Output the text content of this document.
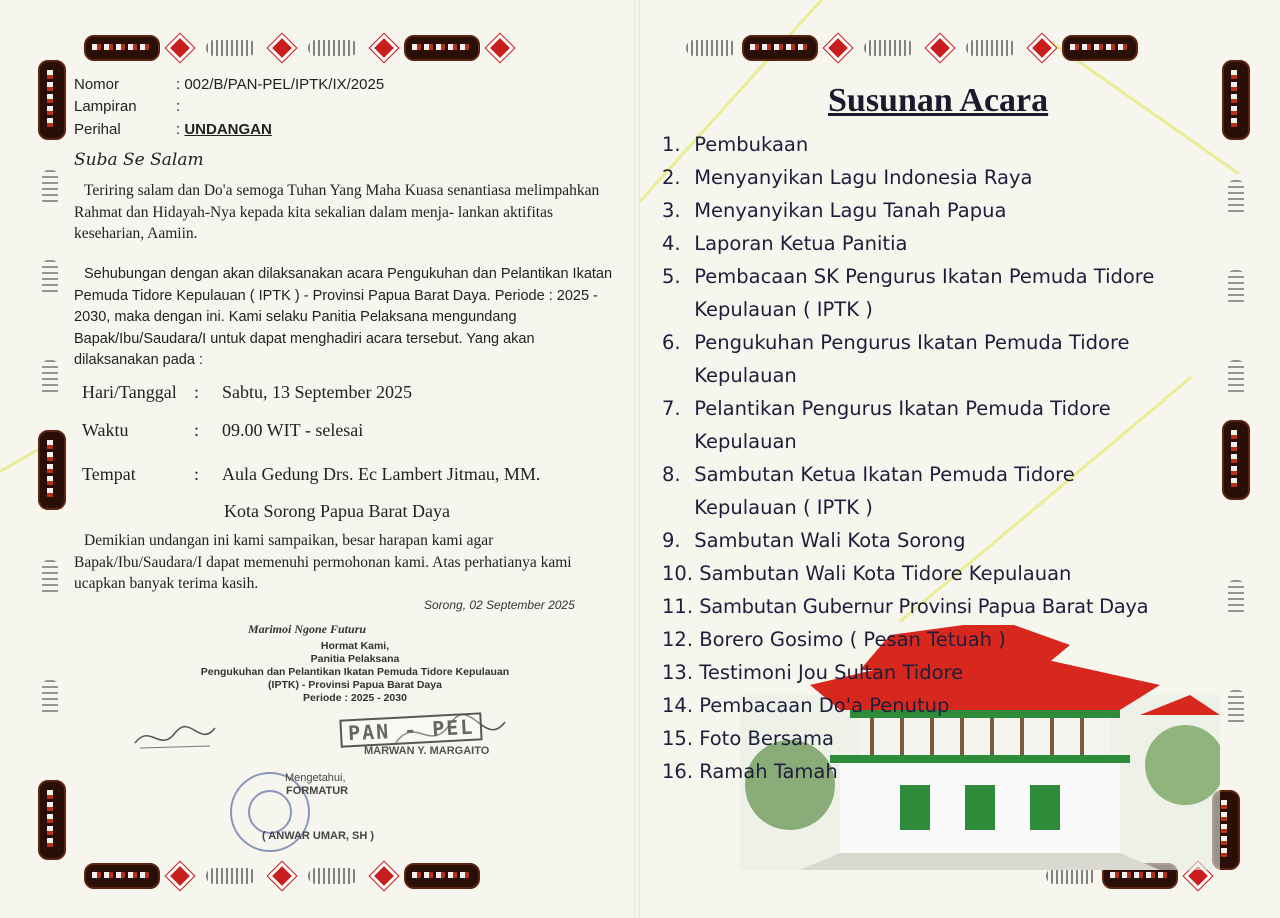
Nomor	: 002/B/PAN-PEL/IPTK/IX/2025
Lampiran	:
Perihal	: UNDANGAN
Suba Se Salam
Teriring salam dan Do'a semoga Tuhan Yang Maha Kuasa senantiasa melimpahkan Rahmat dan Hidayah-Nya kepada kita sekalian dalam menja- lankan aktifitas keseharian, Aamiin.
Sehubungan dengan akan dilaksanakan acara Pengukuhan dan Pelantikan Ikatan Pemuda Tidore Kepulauan ( IPTK ) - Provinsi Papua Barat Daya. Periode : 2025 - 2030, maka dengan ini. Kami selaku Panitia Pelaksana mengundang Bapak/Ibu/Saudara/I untuk dapat menghadiri acara tersebut. Yang akan dilaksanakan pada :
Hari/Tanggal : Sabtu, 13 September 2025
Waktu	: 09.00 WIT - selesai
Tempat	: Aula Gedung Drs. Ec Lambert Jitmau, MM.
Kota Sorong Papua Barat Daya
Demikian undangan ini kami sampaikan, besar harapan kami agar Bapak/Ibu/Saudara/I dapat memenuhi permohonan kami. Atas perhatianya kami ucapkan banyak terima kasih.
Sorong, 02 September 2025
Marimoi Ngone Futuru
Hormat Kami,
Panitia Pelaksana
Pengukuhan dan Pelantikan Ikatan Pemuda Tidore Kepulauan
(IPTK) - Provinsi Papua Barat Daya
Periode : 2025 - 2030
PAN - PEL
MARWAN Y. MARGAITO
Mengetahui,
FORMATUR
( ANWAR UMAR, SH )
Susunan Acara
1. Pembukaan
2. Menyanyikan Lagu Indonesia Raya
3. Menyanyikan Lagu Tanah Papua
4. Laporan Ketua Panitia
5. Pembacaan SK Pengurus Ikatan Pemuda Tidore
Kepulauan ( IPTK )
6. Pengukuhan Pengurus Ikatan Pemuda Tidore
Kepulauan
7. Pelantikan Pengurus Ikatan Pemuda Tidore
Kepulauan
8. Sambutan Ketua Ikatan Pemuda Tidore
Kepulauan ( IPTK )
9. Sambutan Wali Kota Sorong
10. Sambutan Wali Kota Tidore Kepulauan
11. Sambutan Gubernur Provinsi Papua Barat Daya
12. Borero Gosimo ( Pesan Tetuah )
13. Testimoni Jou Sultan Tidore
14. Pembacaan Do'a Penutup
15. Foto Bersama
16. Ramah Tamah
